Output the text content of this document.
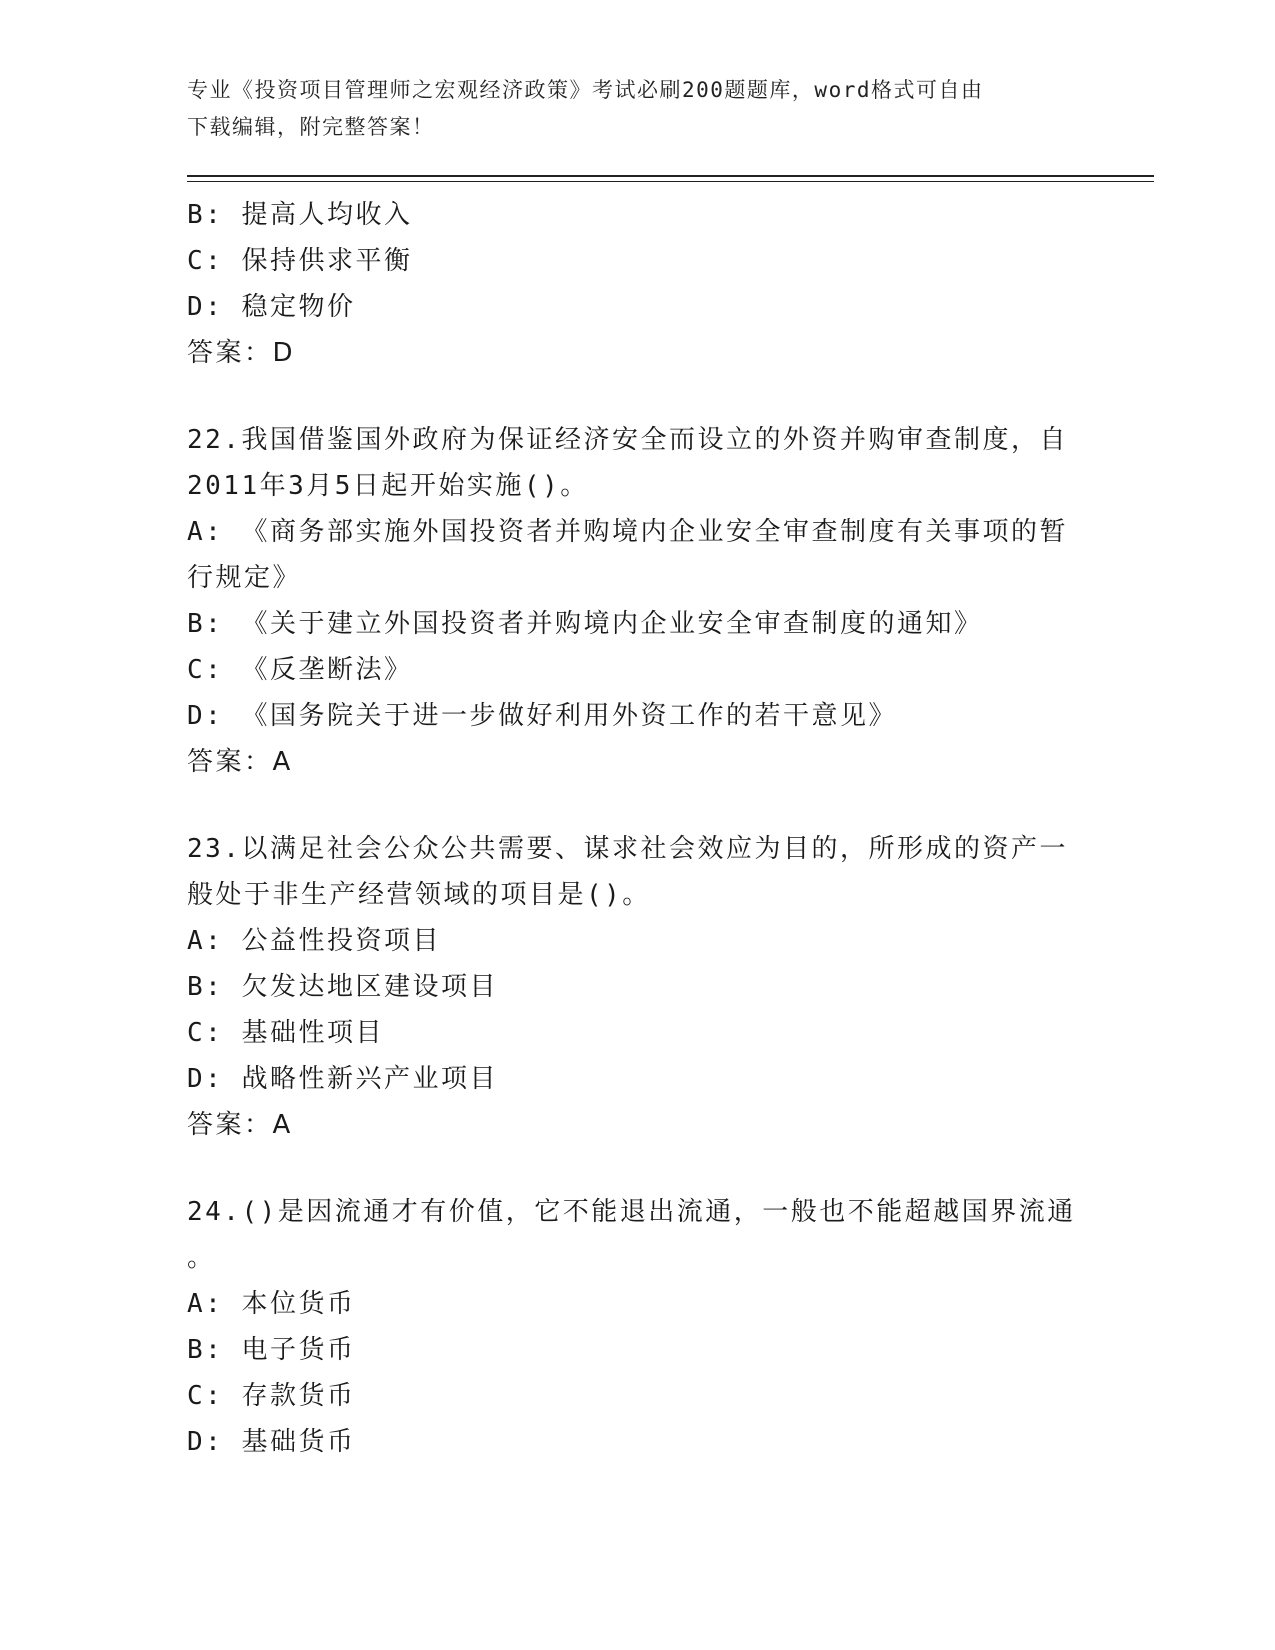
专业《投资项目管理师之宏观经济政策》考试必刷200题题库，word格式可自由
下载编辑，附完整答案！
B: 提高人均收入
C: 保持供求平衡
D: 稳定物价
答案：D
22.我国借鉴国外政府为保证经济安全而设立的外资并购审查制度，自
2011年3月5日起开始实施()。
A: 《商务部实施外国投资者并购境内企业安全审查制度有关事项的暂
行规定》
B: 《关于建立外国投资者并购境内企业安全审查制度的通知》
C: 《反垄断法》
D: 《国务院关于进一步做好利用外资工作的若干意见》
答案：A
23.以满足社会公众公共需要、谋求社会效应为目的，所形成的资产一
般处于非生产经营领域的项目是()。
A: 公益性投资项目
B: 欠发达地区建设项目
C: 基础性项目
D: 战略性新兴产业项目
答案：A
24.()是因流通才有价值，它不能退出流通，一般也不能超越国界流通
。
A: 本位货币
B: 电子货币
C: 存款货币
D: 基础货币
